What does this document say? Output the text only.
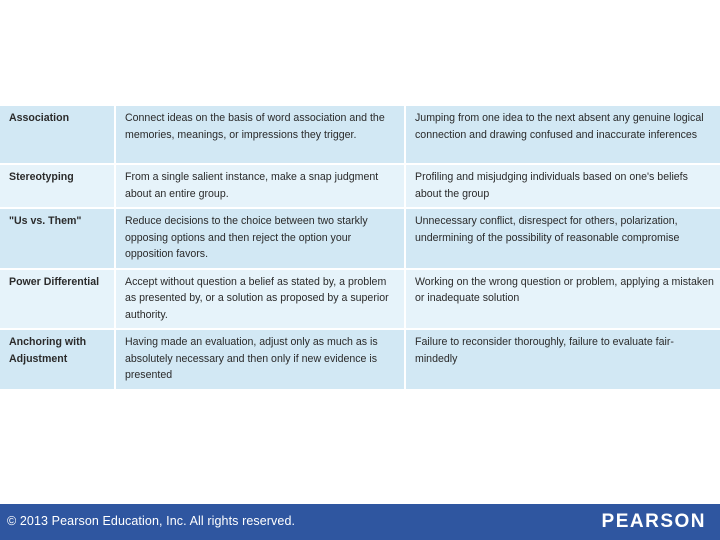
Association	Connect ideas on the basis of word association and the memories, meanings, or impressions they trigger.	Jumping from one idea to the next absent any genuine logical connection and drawing confused and inaccurate inferences
Stereotyping	From a single salient instance, make a snap judgment about an entire group.	Profiling and misjudging individuals based on one's beliefs about the group
"Us vs. Them"	Reduce decisions to the choice between two starkly opposing options and then reject the option your opposition favors.	Unnecessary conflict, disrespect for others, polarization, undermining of the possibility of reasonable compromise
Power Differential	Accept without question a belief as stated by, a problem as presented by, or a solution as proposed by a superior authority.	Working on the wrong question or problem, applying a mistaken or inadequate solution
Anchoring with Adjustment	Having made an evaluation, adjust only as much as is absolutely necessary and then only if new evidence is presented	Failure to reconsider thoroughly, failure to evaluate fair-mindedly
© 2013 Pearson Education, Inc. All rights reserved.	PEARSON
